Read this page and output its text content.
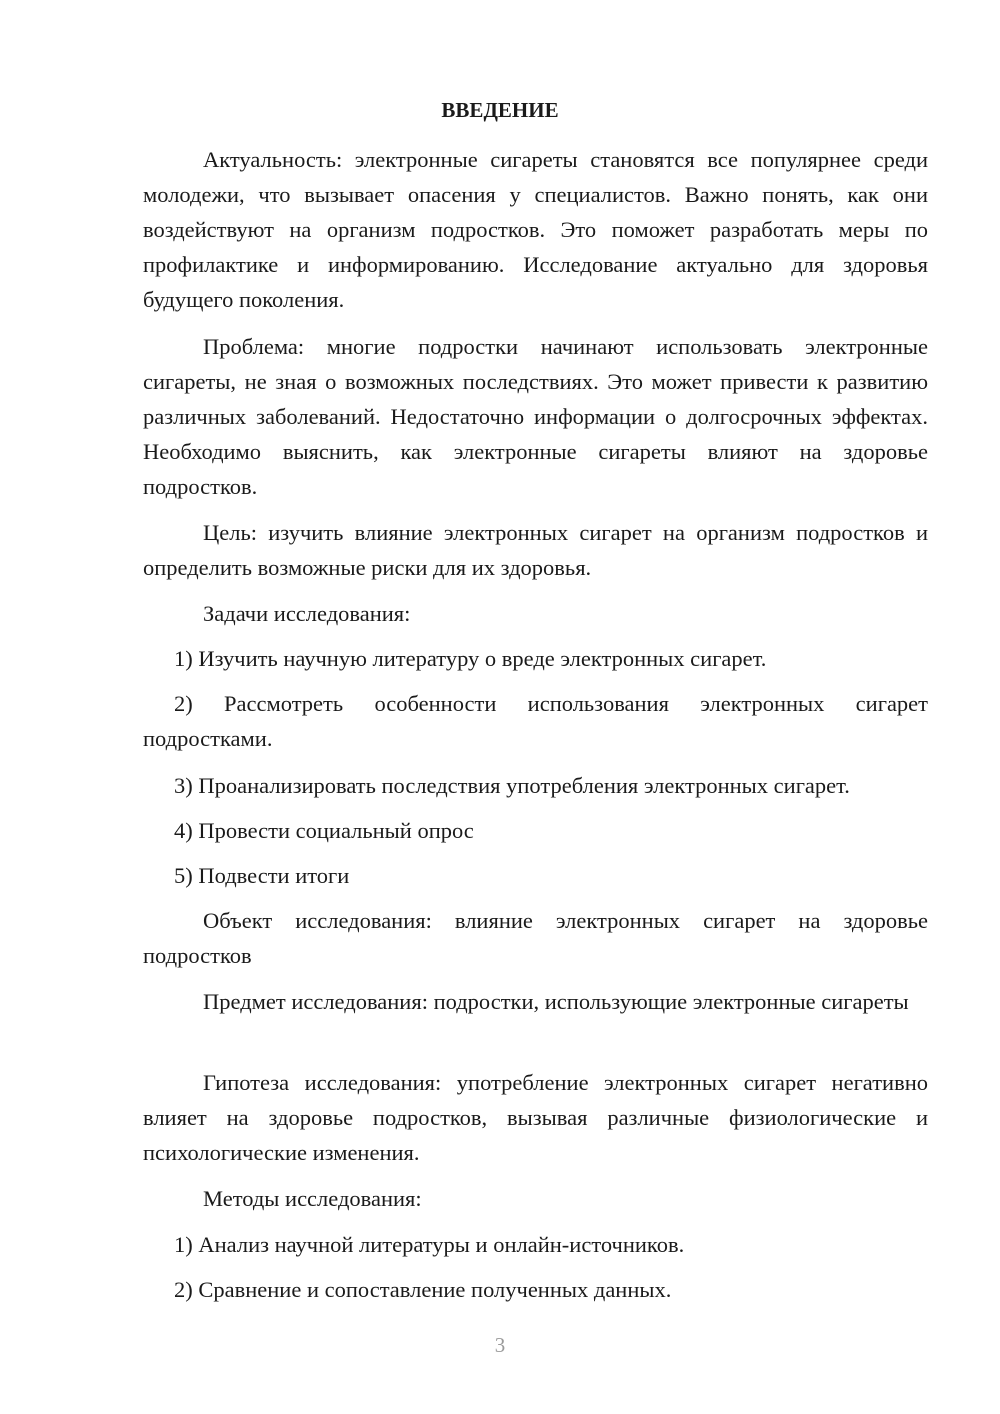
ВВЕДЕНИЕ

Актуальность: электронные сигареты становятся все популярнее среди молодежи, что вызывает опасения у специалистов. Важно понять, как они воздействуют на организм подростков. Это поможет разработать меры по профилактике и информированию. Исследование актуально для здоровья будущего поколения.

Проблема: многие подростки начинают использовать электронные сигареты, не зная о возможных последствиях. Это может привести к развитию различных заболеваний. Недостаточно информации о долгосрочных эффектах. Необходимо выяснить, как электронные сигареты влияют на здоровье подростков.

Цель: изучить влияние электронных сигарет на организм подростков и определить возможные риски для их здоровья.

Задачи исследования:

1) Изучить научную литературу о вреде электронных сигарет.

2) Рассмотреть особенности использования электронных сигарет подростками.

3) Проанализировать последствия употребления электронных сигарет.

4) Провести социальный опрос

5) Подвести итоги

Объект исследования: влияние электронных сигарет на здоровье подростков

Предмет исследования: подростки, использующие электронные сигареты

Гипотеза исследования: употребление электронных сигарет негативно влияет на здоровье подростков, вызывая различные физиологические и психологические изменения.

Методы исследования:

1) Анализ научной литературы и онлайн-источников.

2) Сравнение и сопоставление полученных данных.

3
